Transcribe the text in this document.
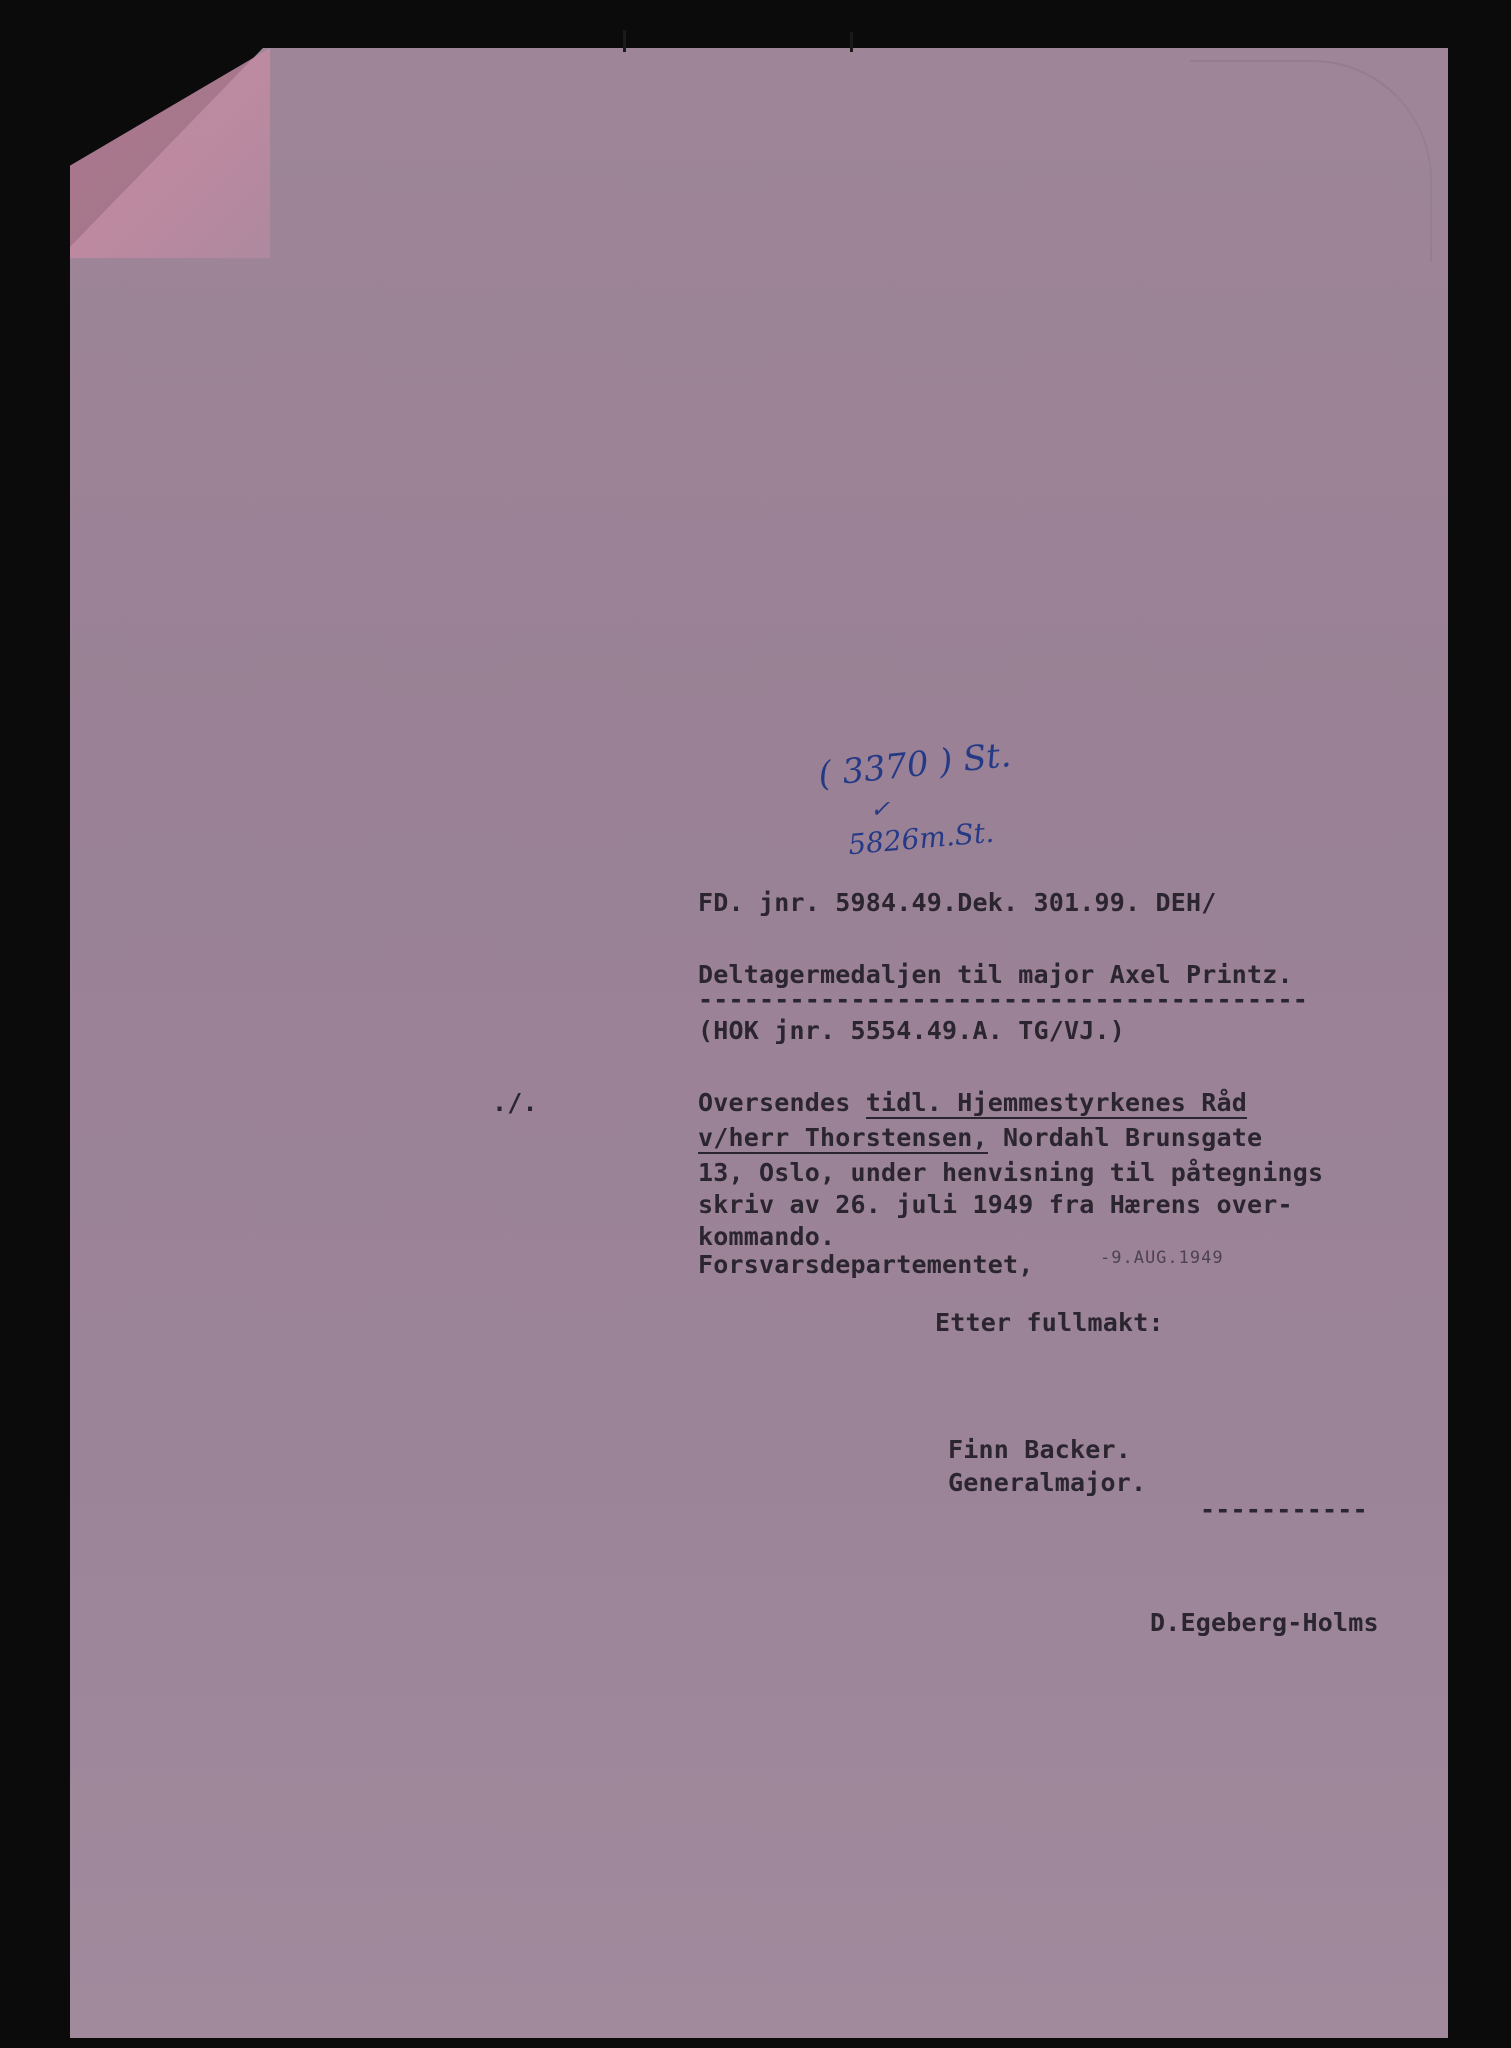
( 3370 ) St.
✓
5826m.St.
FD. jnr. 5984.49.Dek. 301.99. DEH/
Deltagermedaljen til major Axel Printz.
----------------------------------------
(HOK jnr. 5554.49.A. TG/VJ.)
./.	Oversendes tidl. Hjemmestyrkenes Råd
v/herr Thorstensen, Nordahl Brunsgate
13, Oslo, under henvisning til påtegnings
skriv av 26. juli 1949 fra Hærens over-
kommando.
Forsvarsdepartementet,	-9.AUG.1949
Etter fullmakt:
Finn Backer.
Generalmajor.
-----------
D.Egeberg-Holms
